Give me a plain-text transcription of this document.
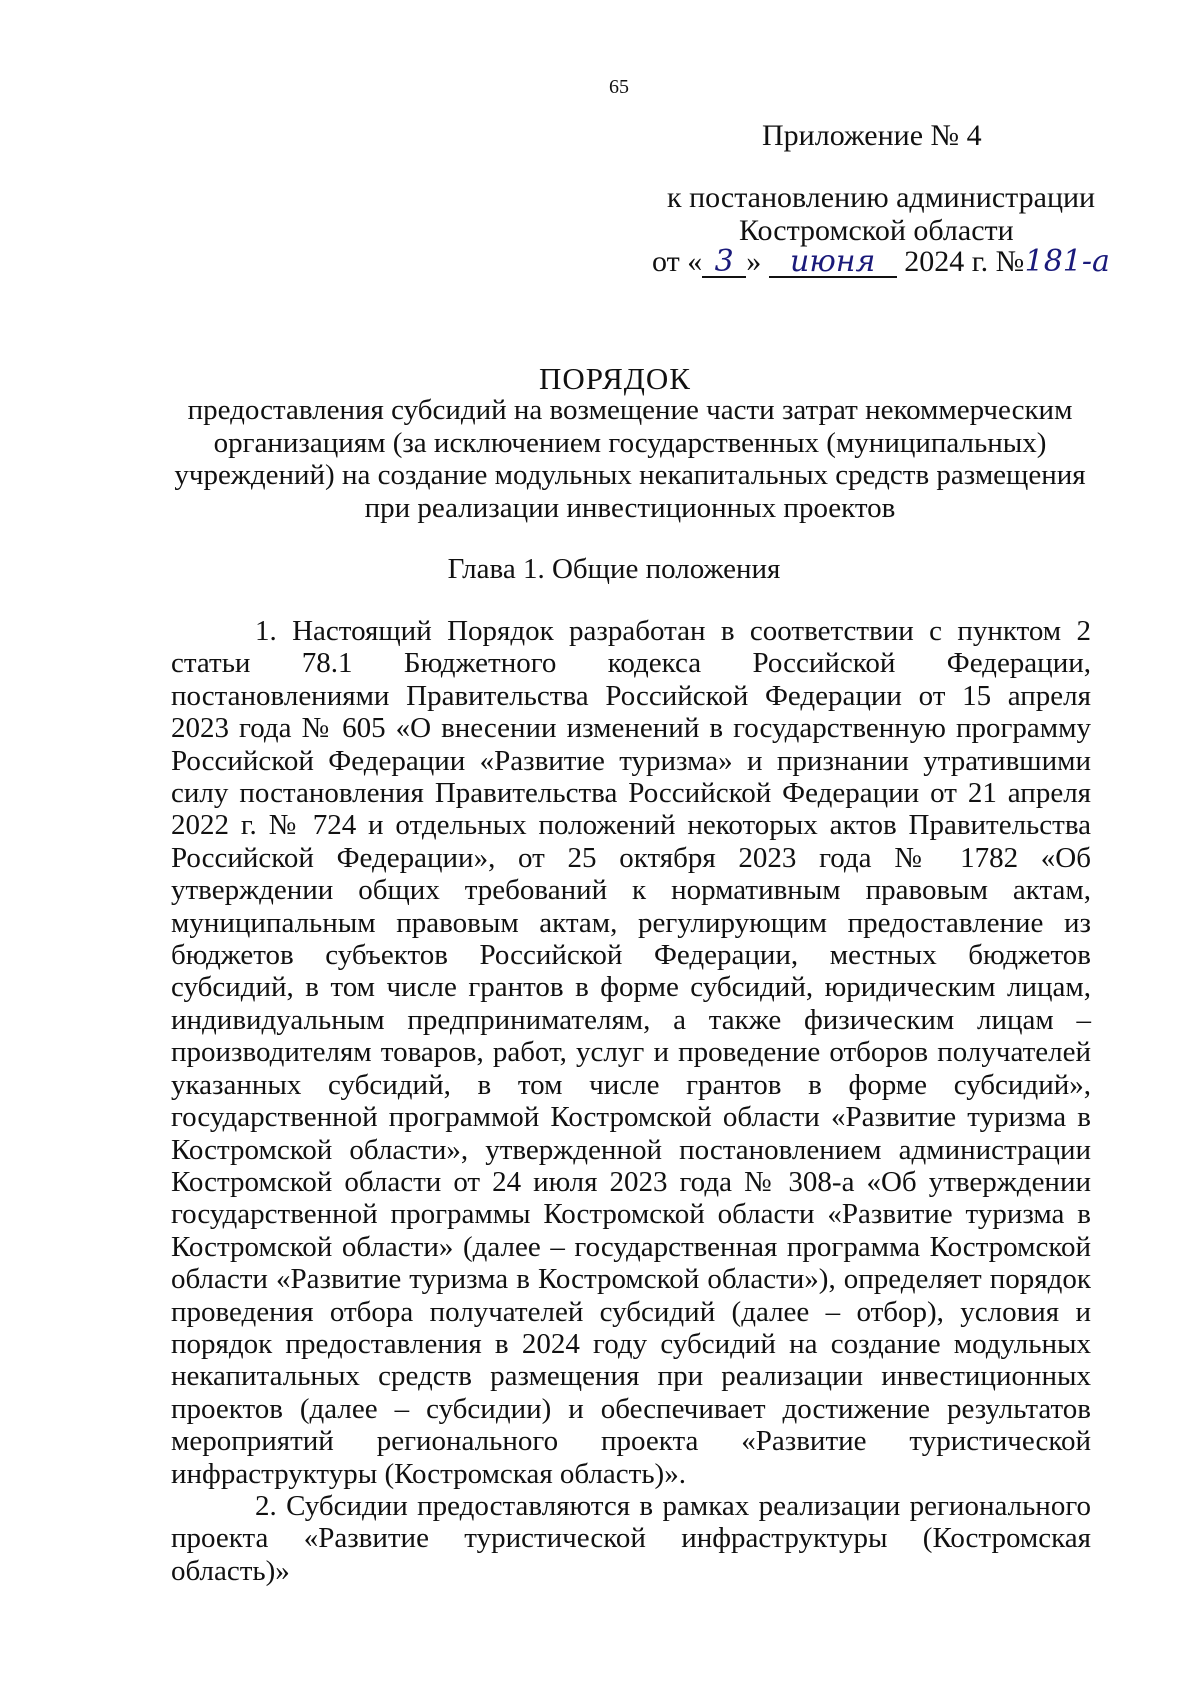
65
Приложение № 4
к постановлению администрации
Костромской области
от « 3 » июня 2024 г. №181-а
ПОРЯДОК
предоставления субсидий на возмещение части затрат некоммерческим организациям (за исключением государственных (муниципальных) учреждений) на создание модульных некапитальных средств размещения при реализации инвестиционных проектов
Глава 1. Общие положения

1. Настоящий Порядок разработан в соответствии с пунктом 2 статьи 78.1 Бюджетного кодекса Российской Федерации, постановлениями Правительства Российской Федерации от 15 апреля 2023 года № 605 «О внесении изменений в государственную программу Российской Федерации «Развитие туризма» и признании утратившими силу постановления Правительства Российской Федерации от 21 апреля 2022 г. № 724 и отдельных положений некоторых актов Правительства Российской Федерации», от 25 октября 2023 года № 1782 «Об утверждении общих требований к нормативным правовым актам, муниципальным правовым актам, регулирующим предоставление из бюджетов субъектов Российской Федерации, местных бюджетов субсидий, в том числе грантов в форме субсидий, юридическим лицам, индивидуальным предпринимателям, а также физическим лицам – производителям товаров, работ, услуг и проведение отборов получателей указанных субсидий, в том числе грантов в форме субсидий», государственной программой Костромской области «Развитие туризма в Костромской области», утвержденной постановлением администрации Костромской области от 24 июля 2023 года № 308-а «Об утверждении государственной программы Костромской области «Развитие туризма в Костромской области» (далее – государственная программа Костромской области «Развитие туризма в Костромской области»), определяет порядок проведения отбора получателей субсидий (далее – отбор), условия и порядок предоставления в 2024 году субсидий на создание модульных некапитальных средств размещения при реализации инвестиционных проектов (далее – субсидии) и обеспечивает достижение результатов мероприятий регионального проекта «Развитие туристической инфраструктуры (Костромская область)».

2. Субсидии предоставляются в рамках реализации регионального проекта «Развитие туристической инфраструктуры (Костромская область)»
